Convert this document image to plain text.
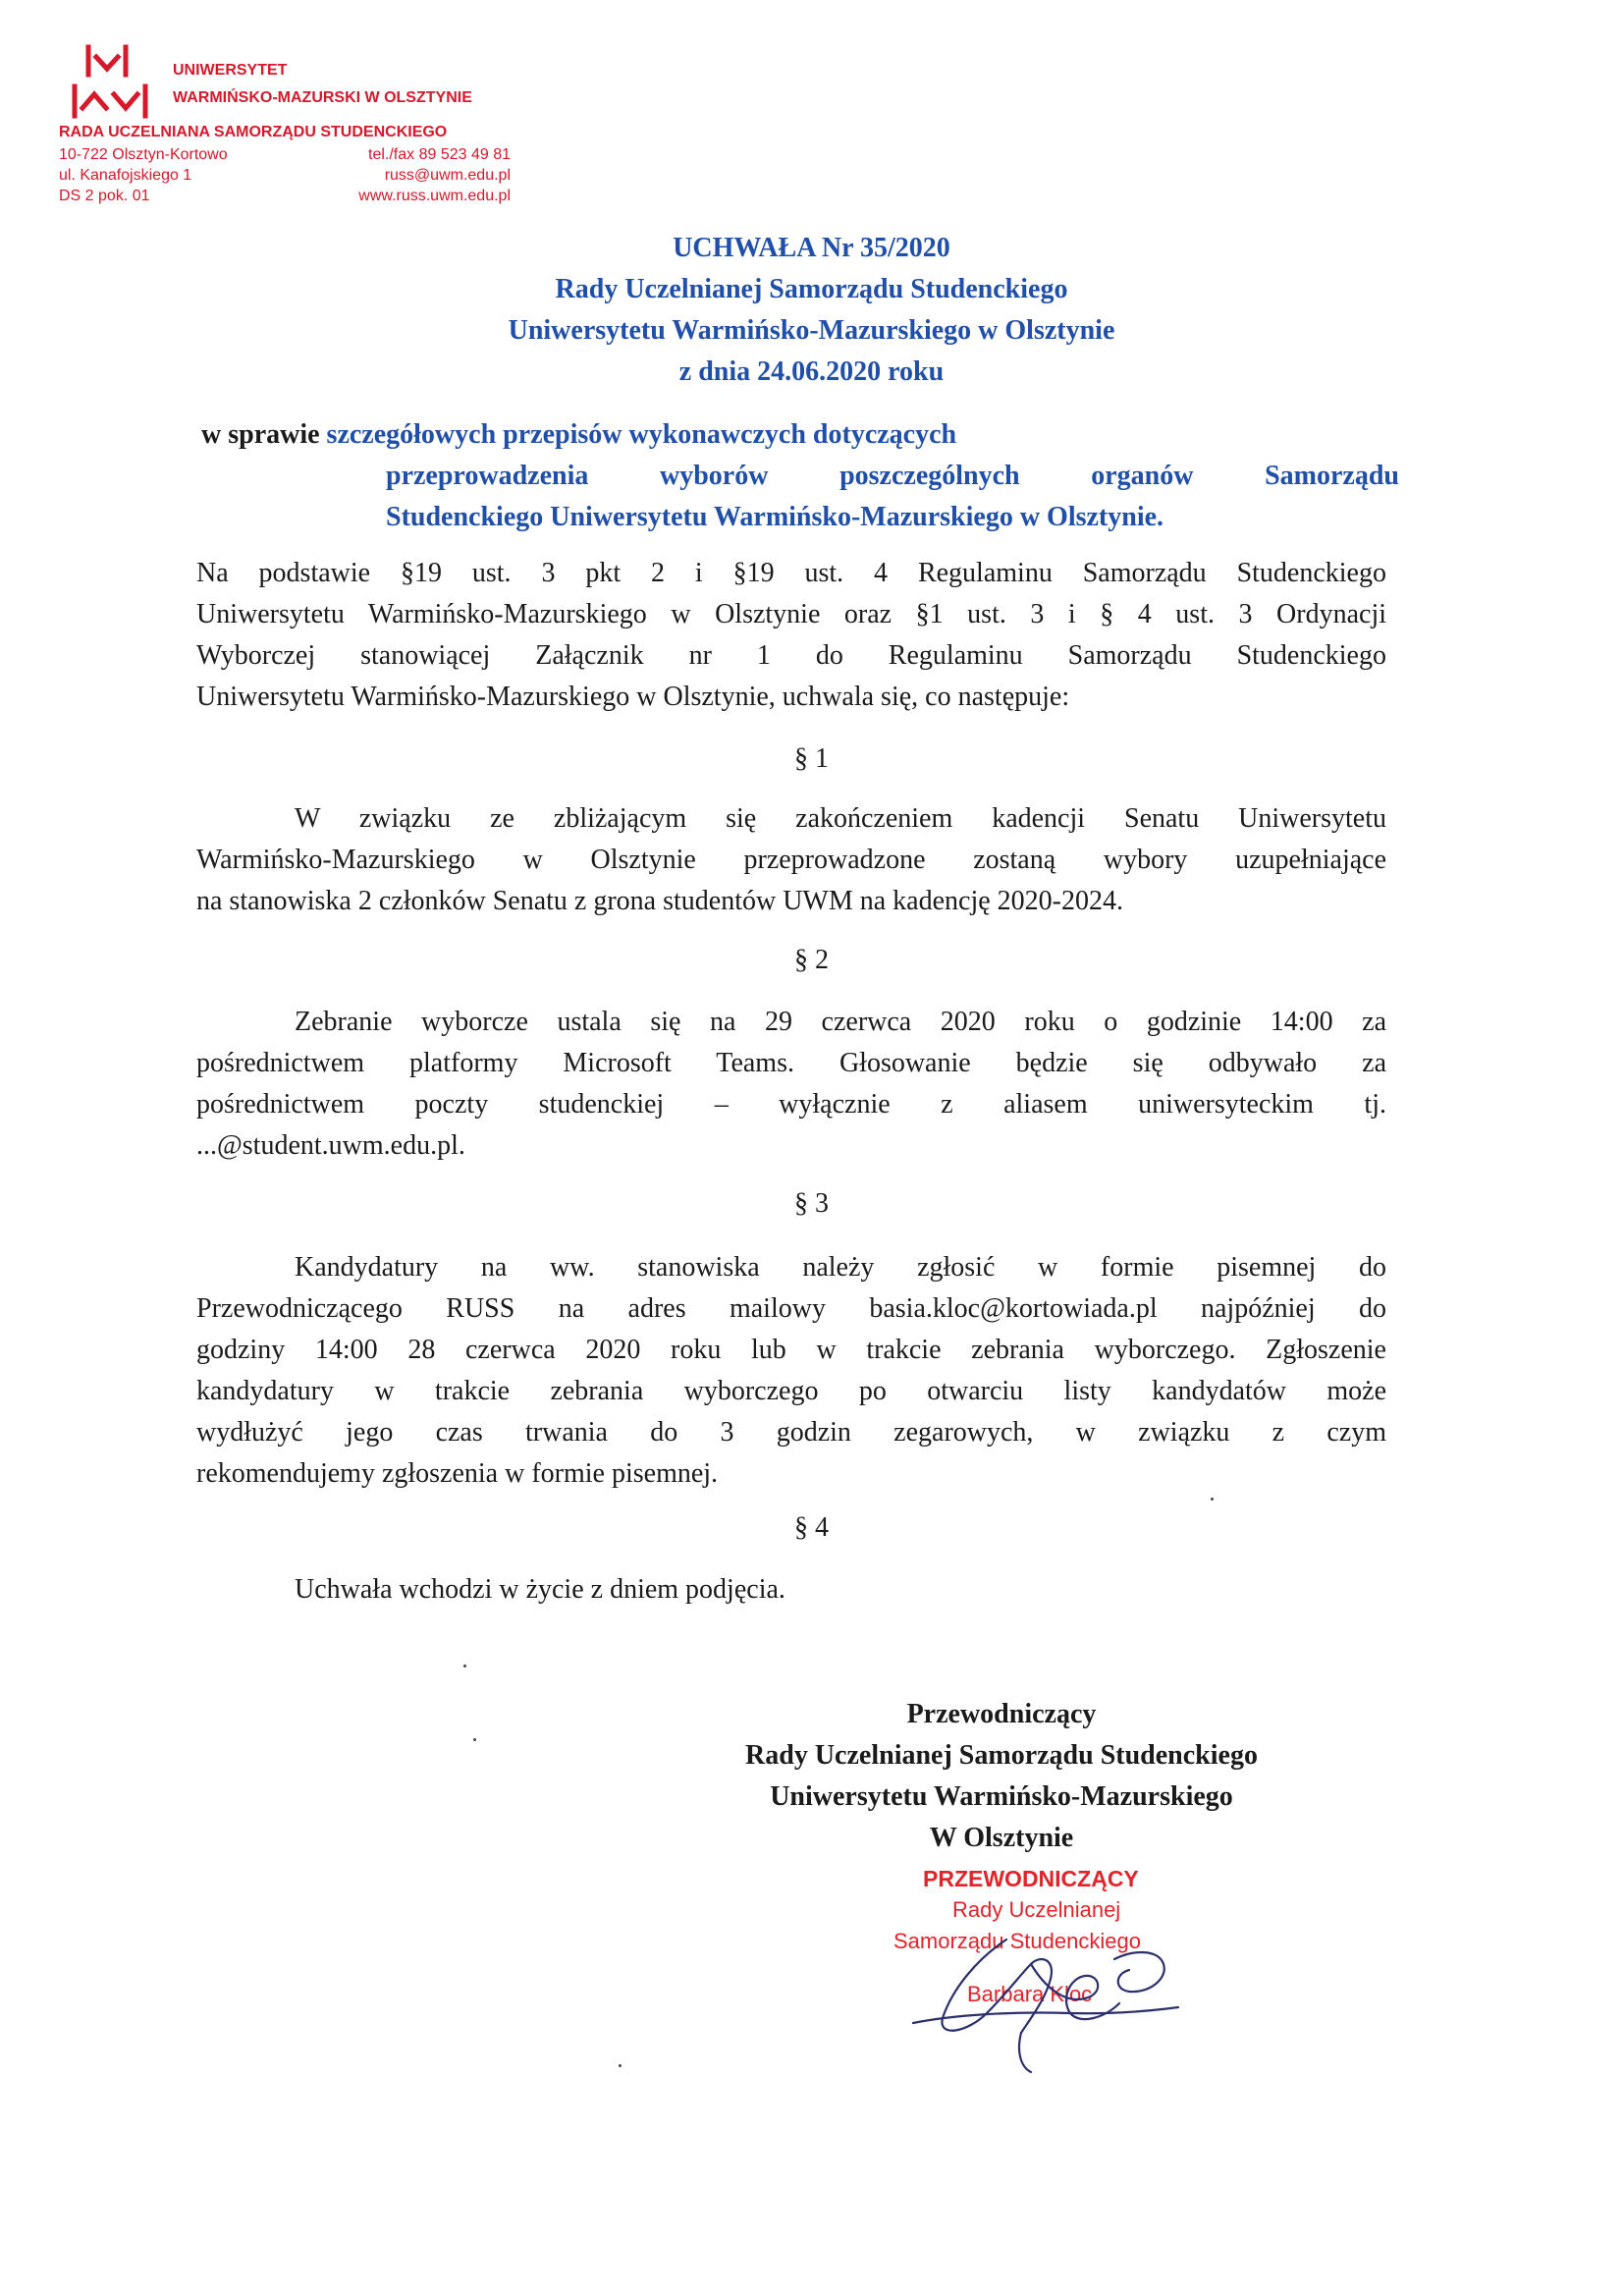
UNIWERSYTET
WARMIŃSKO-MAZURSKI W OLSZTYNIE
RADA UCZELNIANA SAMORZĄDU STUDENCKIEGO
10-722 Olsztyn-Kortowo	tel./fax 89 523 49 81
ul. Kanafojskiego 1	russ@uwm.edu.pl
DS 2 pok. 01	www.russ.uwm.edu.pl
UCHWAŁA Nr 35/2020
Rady Uczelnianej Samorządu Studenckiego
Uniwersytetu Warmińsko-Mazurskiego w Olsztynie
z dnia 24.06.2020 roku
w sprawie szczegółowych przepisów wykonawczych dotyczących
przeprowadzenia wyborów poszczególnych organów Samorządu
Studenckiego Uniwersytetu Warmińsko-Mazurskiego w Olsztynie.
Na podstawie §19 ust. 3 pkt 2 i §19 ust. 4 Regulaminu Samorządu Studenckiego
Uniwersytetu Warmińsko-Mazurskiego w Olsztynie oraz §1 ust. 3 i § 4 ust. 3 Ordynacji
Wyborczej stanowiącej Załącznik nr 1 do Regulaminu Samorządu Studenckiego
Uniwersytetu Warmińsko-Mazurskiego w Olsztynie, uchwala się, co następuje:
§ 1
W związku ze zbliżającym się zakończeniem kadencji Senatu Uniwersytetu
Warmińsko-Mazurskiego w Olsztynie przeprowadzone zostaną wybory uzupełniające
na stanowiska 2 członków Senatu z grona studentów UWM na kadencję 2020-2024.
§ 2
Zebranie wyborcze ustala się na 29 czerwca 2020 roku o godzinie 14:00 za
pośrednictwem platformy Microsoft Teams. Głosowanie będzie się odbywało za
pośrednictwem poczty studenckiej – wyłącznie z aliasem uniwersyteckim tj.
...@student.uwm.edu.pl.
§ 3
Kandydatury na ww. stanowiska należy zgłosić w formie pisemnej do
Przewodniczącego RUSS na adres mailowy basia.kloc@kortowiada.pl najpóźniej do
godziny 14:00 28 czerwca 2020 roku lub w trakcie zebrania wyborczego. Zgłoszenie
kandydatury w trakcie zebrania wyborczego po otwarciu listy kandydatów może
wydłużyć jego czas trwania do 3 godzin zegarowych, w związku z czym
rekomendujemy zgłoszenia w formie pisemnej.
§ 4
Uchwała wchodzi w życie z dniem podjęcia.
Przewodniczący
Rady Uczelnianej Samorządu Studenckiego
Uniwersytetu Warmińsko-Mazurskiego
W Olsztynie
PRZEWODNICZĄCY
Rady Uczelnianej
Samorządu Studenckiego
Barbara Kloc
